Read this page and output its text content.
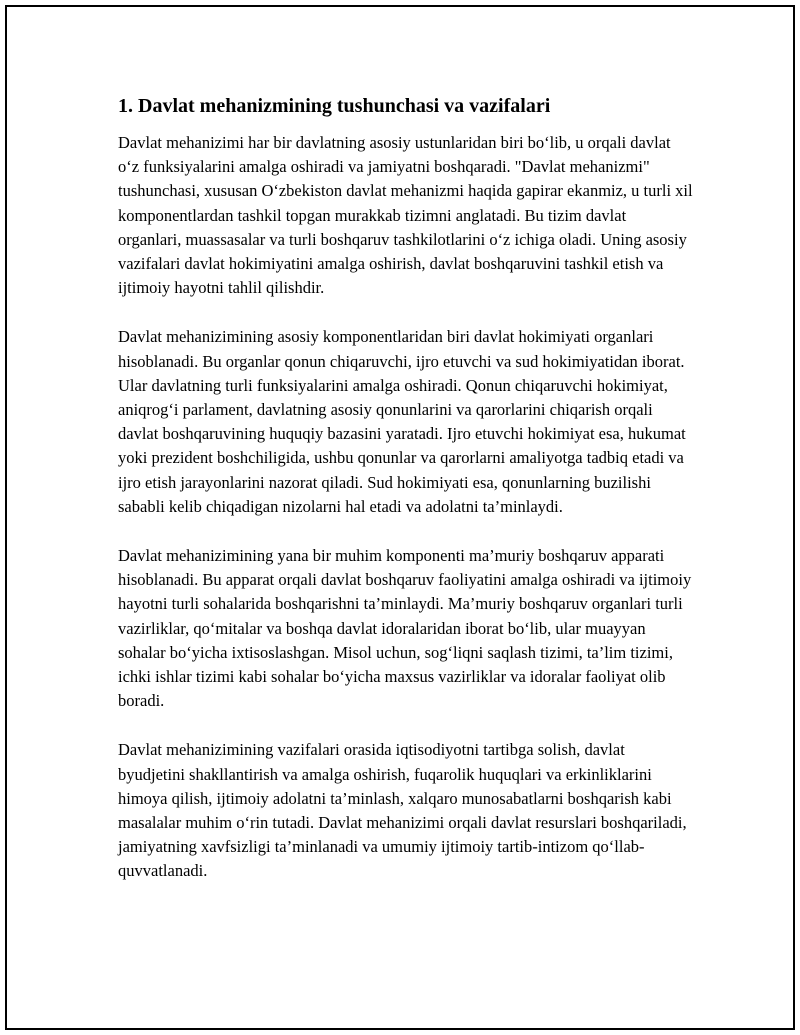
1. Davlat mehanizmining tushunchasi va vazifalari

Davlat mehanizimi har bir davlatning asosiy ustunlaridan biri bo‘lib, u orqali davlat o‘z funksiyalarini amalga oshiradi va jamiyatni boshqaradi. "Davlat mehanizmi" tushunchasi, xususan O‘zbekiston davlat mehanizmi haqida gapirar ekanmiz, u turli xil komponentlardan tashkil topgan murakkab tizimni anglatadi. Bu tizim davlat organlari, muassasalar va turli boshqaruv tashkilotlarini o‘z ichiga oladi. Uning asosiy vazifalari davlat hokimiyatini amalga oshirish, davlat boshqaruvini tashkil etish va ijtimoiy hayotni tahlil qilishdir.

Davlat mehanizimining asosiy komponentlaridan biri davlat hokimiyati organlari hisoblanadi. Bu organlar qonun chiqaruvchi, ijro etuvchi va sud hokimiyatidan iborat. Ular davlatning turli funksiyalarini amalga oshiradi. Qonun chiqaruvchi hokimiyat, aniqrog‘i parlament, davlatning asosiy qonunlarini va qarorlarini chiqarish orqali davlat boshqaruvining huquqiy bazasini yaratadi. Ijro etuvchi hokimiyat esa, hukumat yoki prezident boshchiligida, ushbu qonunlar va qarorlarni amaliyotga tadbiq etadi va ijro etish jarayonlarini nazorat qiladi. Sud hokimiyati esa, qonunlarning buzilishi sababli kelib chiqadigan nizolarni hal etadi va adolatni ta’minlaydi.

Davlat mehanizimining yana bir muhim komponenti ma’muriy boshqaruv apparati hisoblanadi. Bu apparat orqali davlat boshqaruv faoliyatini amalga oshiradi va ijtimoiy hayotni turli sohalarida boshqarishni ta’minlaydi. Ma’muriy boshqaruv organlari turli vazirliklar, qo‘mitalar va boshqa davlat idoralaridan iborat bo‘lib, ular muayyan sohalar bo‘yicha ixtisoslashgan. Misol uchun, sog‘liqni saqlash tizimi, ta’lim tizimi, ichki ishlar tizimi kabi sohalar bo‘yicha maxsus vazirliklar va idoralar faoliyat olib boradi.

Davlat mehanizimining vazifalari orasida iqtisodiyotni tartibga solish, davlat byudjetini shakllantirish va amalga oshirish, fuqarolik huquqlari va erkinliklarini himoya qilish, ijtimoiy adolatni ta’minlash, xalqaro munosabatlarni boshqarish kabi masalalar muhim o‘rin tutadi. Davlat mehanizimi orqali davlat resurslari boshqariladi, jamiyatning xavfsizligi ta’minlanadi va umumiy ijtimoiy tartib-intizom qo‘llab-quvvatlanadi.
